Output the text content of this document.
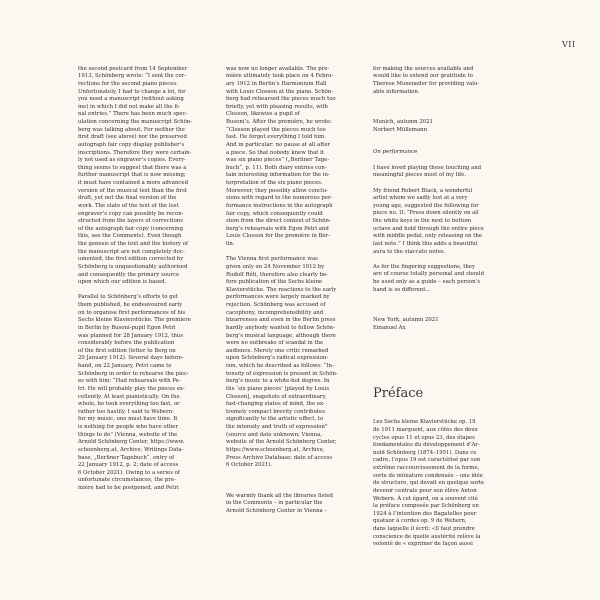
VII

the second postcard from 14 September
1913, Schönberg wrote: “I sent the cor-
rections for the second piano pieces.
Unfortunately, I had to change a lot, for
you need a manuscript (without asking
me) in which I did not make all the fi-
nal entries.” There has been much spec-
ulation concerning the manuscript Schön-
berg was talking about. For neither the
first draft (see above) nor the preserved
autograph fair copy display publisher’s
inscriptions. Therefore they were certain-
ly not used as engraver’s copies. Every-
thing seems to suggest that there was a
further manuscript that is now missing;
it must have contained a more advanced
version of the musical text than the first
draft, yet not the final version of the
work. The state of the text of the lost
engraver’s copy can possibly be recon-
structed from the layers of corrections
of the autograph fair copy (concerning
this, see the Comments). Even though
the genesis of the text and the history of
the manuscript are not completely doc-
umented, the first edition corrected by
Schönberg is unquestionably authorised
and consequently the primary source
upon which our edition is based.

Parallel to Schönberg’s efforts to get
them published, he endeavoured early
on to organise first performances of his
Sechs kleine Klavierstücke. The premiere
in Berlin by Busoni-pupil Egon Petri
was planned for 28 January 1912, thus
considerably before the publication
of the first edition (letter to Berg on
20 January 1912). Several days before-
hand, on 22 January, Petri came to
Schönberg in order to rehearse the piec-
es with him: “Had rehearsals with Pe-
tri. He will probably play the pieces ex-
cellently. At least pianistically. On the
whole, he took everything too fast, or
rather too hastily. I said to Webern:
for my music, one must have time. It
is nothing for people who have other
things to do” (Vienna, website of the
Arnold Schönberg Center, https://www.
schoenberg.at, Archive, Writings Data-
base, „Berliner Tagebuch“, entry of
22 January 1912, p. 2; date of access
6 October 2021). Owing to a series of
unfortunate circumstances, the pre-
mière had to be postponed, and Petri

was now no longer available. The pre-
mière ultimately took place on 4 Febru-
ary 1912 in Berlin’s Harmonium Hall
with Louis Closson at the piano. Schön-
berg had rehearsed the pieces much too
briefly, yet with pleasing results, with
Closson, likewise a pupil of
Busoni’s. After the première, he wrote:
“Closson played the pieces much too
fast. He forgot everything I told him.
And in particular: no pause at all after
a piece. So that nobody knew that it
was six piano pieces” („Berliner Tage-
buch“, p. 11). Both diary entries con-
tain interesting information for the in-
terpretation of the six piano pieces.
Moreover, they possibly allow conclu-
sions with regard to the numerous per-
formance instructions in the autograph
fair copy, which consequently could
stem from the direct context of Schön-
berg’s rehearsals with Egon Petri and
Louis Closson for the première in Ber-
lin.

The Vienna first performance was
given only on 24 November 1912 by
Rudolf Réti, therefore also clearly be-
fore publication of the Sechs kleine
Klavierstücke. The reactions to the early
performances were largely marked by
rejection. Schönberg was accused of
cacophony, incomprehensibility and
bizarreness and even in the Berlin press
hardly anybody wanted to follow Schön-
berg’s musical language, although there
were no outbreaks of scandal in the
audience. Merely one critic remarked
upon Schönberg’s radical expression-
ism, which he described as follows: “In-
tensity of expression is present in Schön-
berg’s music to a white-hot degree. In
the ‘six piano pieces’ [played by Louis
Closson], snapshots of extraordinary,
fast-changing states of mind, the ex-
tremely compact brevity contributes
significantly to the artistic effect, to
the intensity and truth of expression”
(source and date unknown; Vienna,
website of the Arnold Schönberg Center,
https://www.schoenberg.at, Archive,
Press Archive Database; date of access
6 October 2021).

We warmly thank all the libraries listed
in the Comments – in particular the
Arnold Schönberg Center in Vienna –

for making the sources available and
would like to extend our gratitude to
Therese Muxeneder for providing valu-
able information.

Munich, autumn 2021
Norbert Müllemann

On performance

I have loved playing these touching and
meaningful pieces most of my life.

My friend Robert Black, a wonderful
artist whom we sadly lost at a very
young age, suggested the following for
piece no. II: “Press down silently on all
the white keys in the next to bottom
octave and hold through the entire piece
with middle pedal, only releasing on the
last note.” I think this adds a beautiful
aura to the staccato notes.

As for the fingering suggestions, they
are of course totally personal and should
be used only as a guide – each person’s
hand is so different…

New York, autumn 2021
Emanuel Ax

Préface

Les Sechs kleine Klavierstücke op. 19
de 1911 marquent, aux côtés des deux
cycles opus 11 et opus 23, des étapes
fondamentales du développement d’Ar-
nold Schönberg (1874–1951). Dans ce
cadre, l’opus 19 est caractérisé par son
extrême raccourcissement de la forme,
sorte de miniature condensée – une idée
de structure, qui devait en quelque sorte
devenir centrale pour son élève Anton
Webern. À cet égard, on a souvent cité
la préface composée par Schönberg en
1924 à l’intention des Bagatelles pour
quatuor à cordes op. 9 de Webern,
dans laquelle il écrit: «Il faut prendre
conscience de quelle austérité relève la
volonté de « exprimer de façon aussi
